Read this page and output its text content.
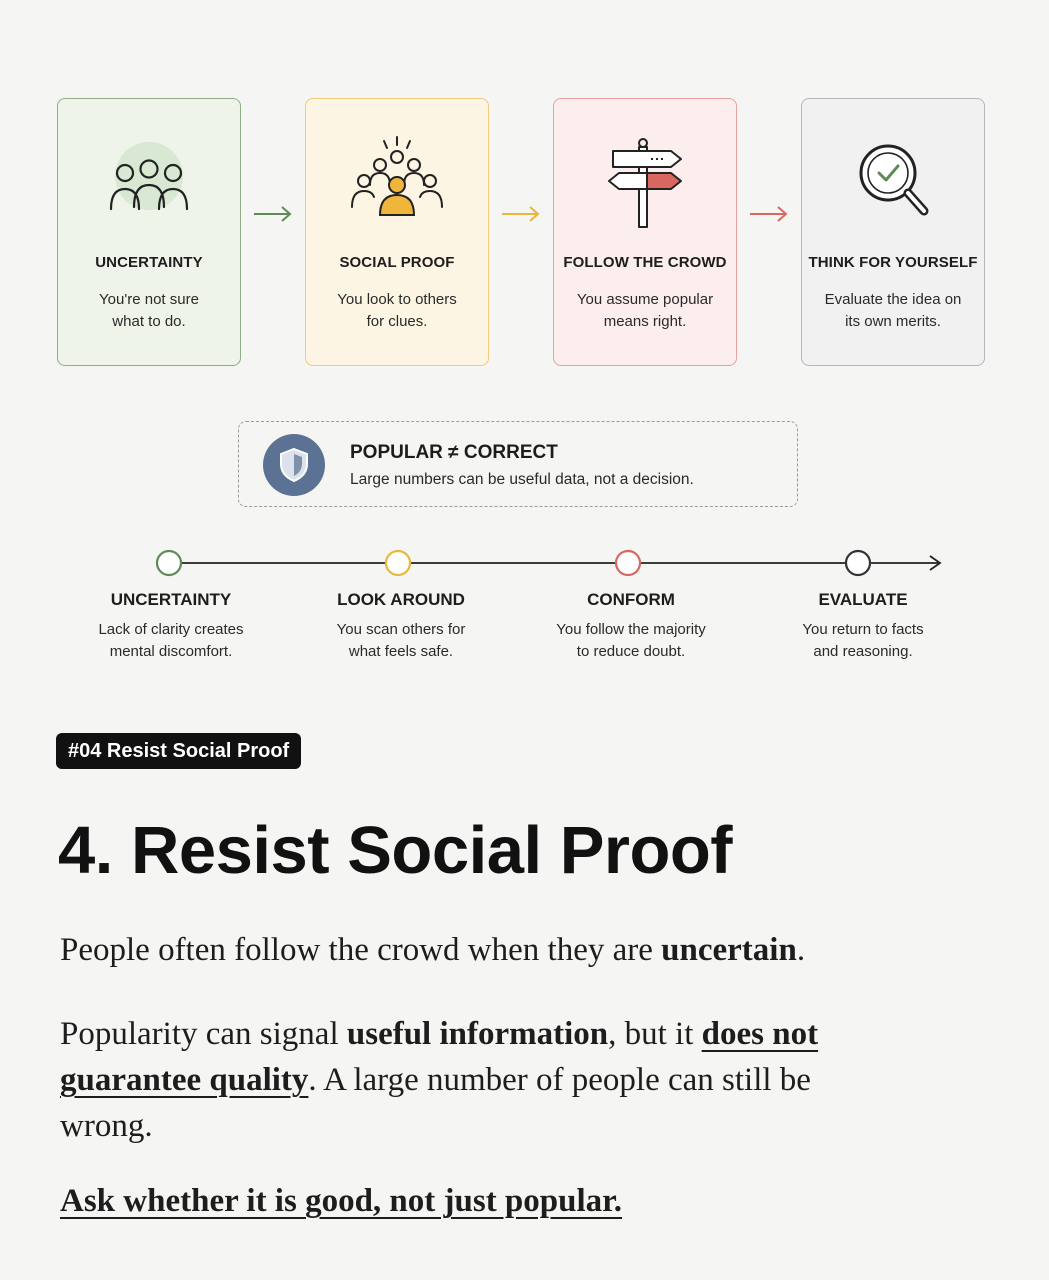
UNCERTAINTY
You're not sure
what to do.
SOCIAL PROOF
You look to others
for clues.
FOLLOW THE CROWD
You assume popular
means right.
THINK FOR YOURSELF
Evaluate the idea on
its own merits.
POPULAR ≠ CORRECT
Large numbers can be useful data, not a decision.
UNCERTAINTY
Lack of clarity creates
mental discomfort.
LOOK AROUND
You scan others for
what feels safe.
CONFORM
You follow the majority
to reduce doubt.
EVALUATE
You return to facts
and reasoning.
#04 Resist Social Proof
4. Resist Social Proof

People often follow the crowd when they are uncertain.

Popularity can signal useful information, but it does not guarantee quality. A large number of people can still be wrong.

Ask whether it is good, not just popular.
